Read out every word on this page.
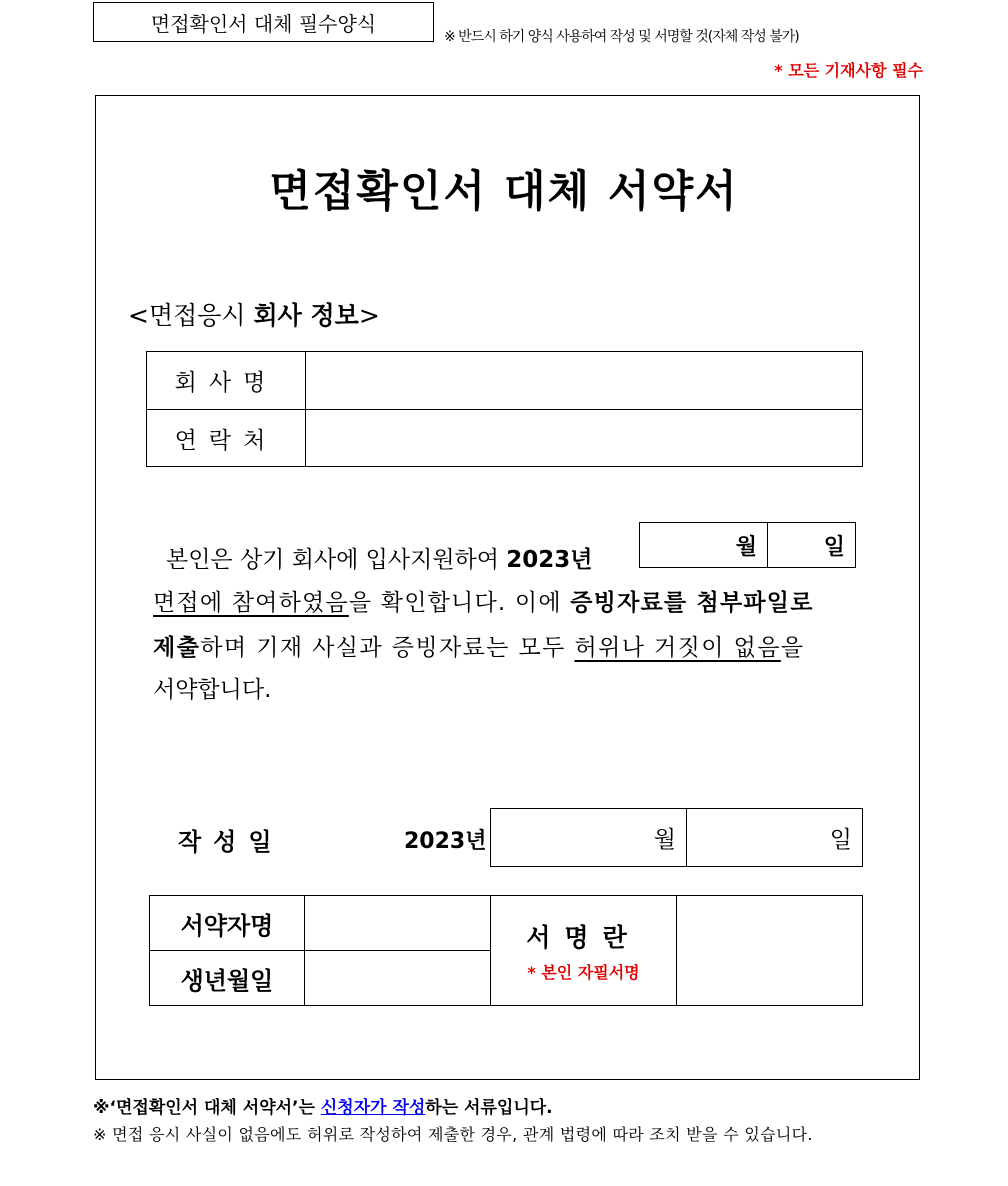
면접확인서 대체 필수양식
※ 반드시 하기 양식 사용하여 작성 및 서명할 것(자체 작성 불가)
* 모든 기재사항 필수
면접확인서 대체 서약서
<면접응시 회사 정보>
회사명	
연락처	
본인은 상기 회사에 입사지원하여 2023년
면접에 참여하였음을 확인합니다. 이에 증빙자료를 첨부파일로
제출하며 기재 사실과 증빙자료는 모두 허위나 거짓이 없음을
서약합니다.
월	일
작성일	2023년	월	일
서약자명		서명란
* 본인 자필서명	

생년월일			
※‘면접확인서 대체 서약서’는 신청자가 작성하는 서류입니다.
※ 면접 응시 사실이 없음에도 허위로 작성하여 제출한 경우, 관계 법령에 따라 조치 받을 수 있습니다.
